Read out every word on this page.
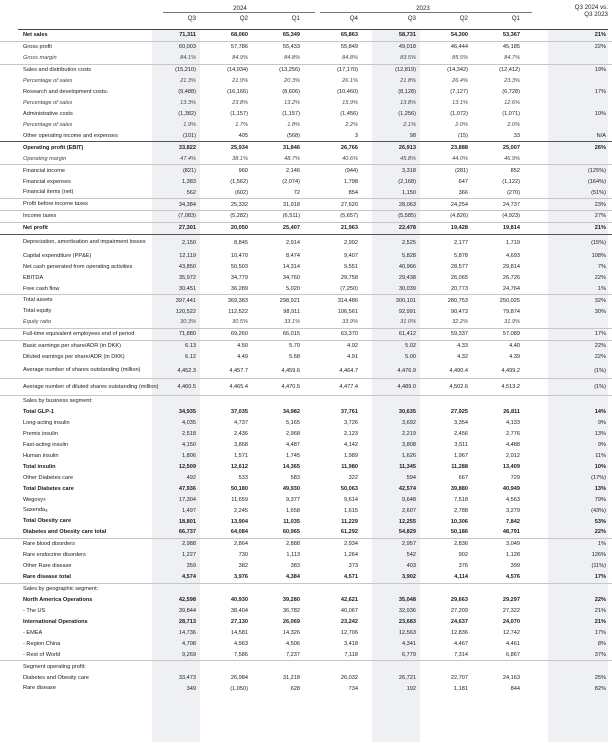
2024	2023	Q3 2024 vs.
Q3 2023
Q3	Q2	Q1	Q4	Q3	Q2	Q1
Net sales	71,311	68,060	65,349	65,863	58,731	54,300	53,367	21%
Gross profit	60,003	57,786	55,433	55,849	49,018	46,444	45,185	22%
Gross margin	84.1%	84.9%	84.8%	84.8%	83.5%	85.5%	84.7%
Sales and distribution costs	(15,210)	(14,934)	(13,256)	(17,170)	(12,819)	(14,342)	(12,412)	19%
Percentage of sales	21.3%	21.9%	20.3%	26.1%	21.8%	26.4%	23.3%
Research and development costs 1	(9,488)	(16,166)	(8,606)	(10,460)	(8,128)	(7,127)	(6,728)	17%
Percentage of sales	13.3%	23.8%	13.2%	15.9%	13.8%	13.1%	12.6%
Administrative costs	(1,382)	(1,157)	(1,157)	(1,456)	(1,256)	(1,072)	(1,071)	10%
Percentage of sales	1.9%	1.7%	1.8%	2.2%	2.1%	2.0%	2.0%
Other operating income and expenses	(101)	405	(568)	3	98	(15)	33	N/A
Operating profit (EBIT)	33,822	25,934	31,846	26,766	26,913	23,888	25,007	26%
Operating margin	47.4%	38.1%	48.7%	40.6%	45.8%	44.0%	46.9%
Financial income	(821)	960	2,146	(944)	3,318	(281)	852	(125%)
Financial expenses	1,383	(1,562)	(2,074)	1,798	(2,168)	647	(1,122)	(164%)
Financial items (net)	562	(602)	72	854	1,150	366	(270)	(51%)
Profit before income taxes	34,384	25,332	31,918	27,620	28,063	24,254	24,737	23%
Income taxes	(7,083)	(5,282)	(6,511)	(5,657)	(5,585)	(4,826)	(4,923)	27%
Net profit	27,301	20,050	25,407	21,963	22,478	19,428	19,814	21%
Depreciation, amortisation and impairment losses	2,150	8,845	2,914	2,992	2,525	2,177	1,719	(15%)
Capital expenditure (PP&E)	12,119	10,470	8,474	9,407	5,828	5,878	4,693	108%
Net cash generated from operating activities	43,850	50,503	14,314	9,551	40,966	28,577	29,814	7%
EBITDA	35,972	34,779	34,760	29,758	29,438	26,065	26,726	22%
Free cash flow	30,451	36,289	5,020	(7,250)	30,039	20,773	24,764	1%
Total assets	397,441	369,383	298,921	314,486	300,101	280,753	250,025	32%
Total equity	120,522	112,522	98,911	106,561	92,991	90,473	79,874	30%
Equity ratio	30.3%	30.5%	33.1%	33.9%	31.0%	32.2%	31.9%
Full-time equivalent employees end of period	71,880	69,260	66,015	63,370	61,412	59,337	57,089	17%
Basic earnings per share/ADR (in DKK)	6.13	4.50	5.70	4.92	5.02	4.33	4.40	22%
Diluted earnings per share/ADR (in DKK)	6.12	4.49	5.68	4.91	5.00	4.32	4.39	22%
Average number of shares outstanding (million)	4,452.3	4,457.7	4,459.6	4,464.7	4,476.9	4,490.4	4,499.2	(1%)
Average number of diluted shares outstanding (million)	4,460.5	4,465.4	4,470.5	4,477.4	4,489.0	4,502.6	4,513.2	(1%)
Sales by business segment:
Total GLP-1	34,935	37,035	34,982	37,761	30,635	27,925	26,811	14%
Long-acting insulin	4,035	4,737	5,165	3,726	3,692	3,354	4,133	9%
Premix insulin	2,518	2,436	2,968	2,123	2,219	2,456	2,776	13%
Fast-acting insulin	4,150	3,868	4,487	4,142	3,808	3,511	4,488	9%
Human insulin	1,806	1,571	1,745	1,989	1,626	1,967	2,012	11%
Total insulin	12,509	12,612	14,365	11,980	11,345	11,288	13,409	10%
Other Diabetes care	492	533	583	322	594	667	729	(17%)
Total Diabetes care	47,936	50,180	49,930	50,063	42,574	39,880	40,949	13%
Wegovy ®	17,304	11,659	9,377	9,614	9,648	7,518	4,563	79%
Saxenda ®	1,497	2,245	1,658	1,615	2,607	2,788	3,279	(43%)
Total Obesity care	18,801	13,904	11,035	11,229	12,255	10,306	7,842	53%
Diabetes and Obesity care total	66,737	64,084	60,965	61,292	54,829	50,186	48,791	22%
Rare blood disorders	2,988	2,864	2,888	2,934	2,957	2,836	3,049	1%
Rare endocrine disorders	1,227	730	1,113	1,264	542	902	1,128	126%
Other Rare disease	359	382	383	373	403	376	399	(11%)
Rare disease total	4,574	3,976	4,384	4,571	3,902	4,114	4,576	17%
Sales by geographic segment:
North America Operations	42,598	40,930	39,280	42,621	35,048	29,663	29,297	22%
- The US	39,844	38,404	36,782	40,067	32,936	27,209	27,322	21%
International Operations	28,713	27,130	26,069	23,242	23,683	24,637	24,070	21%
- EMEA	14,736	14,581	14,326	12,706	12,563	12,836	12,742	17%
- Region China	4,708	4,963	4,506	3,418	4,341	4,467	4,461	8%
- Rest of World	9,269	7,586	7,237	7,118	6,779	7,314	6,867	37%
Segment operating profit:
Diabetes and Obesity care	33,473	26,984	31,218	26,032	26,721	22,707	24,163	25%
Rare disease	349	(1,050)	628	734	192	1,181	844	82%
